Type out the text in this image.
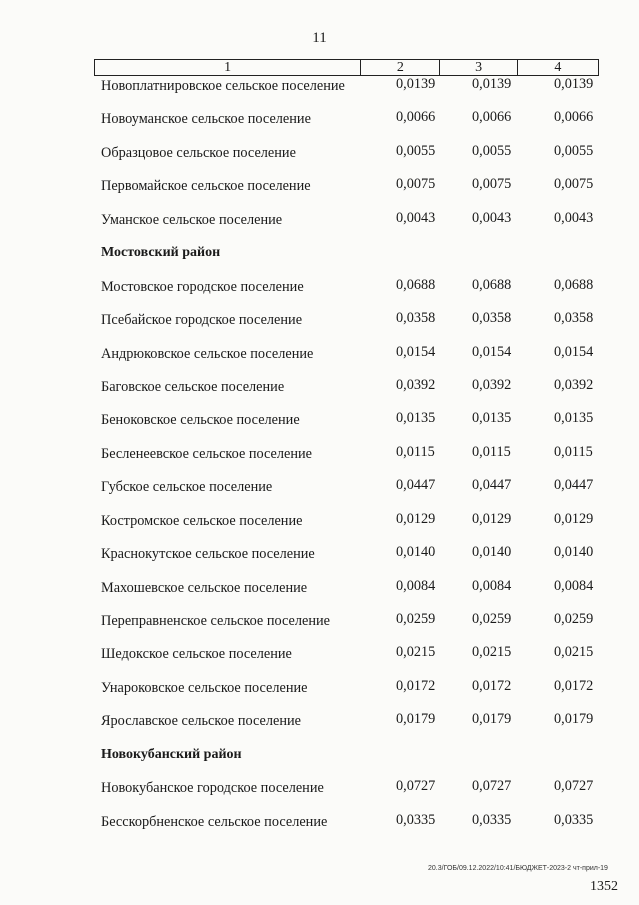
11
1	2	3	4
Новоплатнировское сельское поселение	0,0139	0,0139	0,0139
Новоуманское сельское поселение	0,0066	0,0066	0,0066
Образцовое сельское поселение	0,0055	0,0055	0,0055
Первомайское сельское поселение	0,0075	0,0075	0,0075
Уманское сельское поселение	0,0043	0,0043	0,0043
Мостовский район
Мостовское городское поселение	0,0688	0,0688	0,0688
Псебайское городское поселение	0,0358	0,0358	0,0358
Андрюковское сельское поселение	0,0154	0,0154	0,0154
Баговское сельское поселение	0,0392	0,0392	0,0392
Беноковское сельское поселение	0,0135	0,0135	0,0135
Бесленеевское сельское поселение	0,0115	0,0115	0,0115
Губское сельское поселение	0,0447	0,0447	0,0447
Костромское сельское поселение	0,0129	0,0129	0,0129
Краснокутское сельское поселение	0,0140	0,0140	0,0140
Махошевское сельское поселение	0,0084	0,0084	0,0084
Переправненское сельское поселение	0,0259	0,0259	0,0259
Шедокское сельское поселение	0,0215	0,0215	0,0215
Унароковское сельское поселение	0,0172	0,0172	0,0172
Ярославское сельское поселение	0,0179	0,0179	0,0179
Новокубанский район
Новокубанское городское поселение	0,0727	0,0727	0,0727
Бесскорбненское сельское поселение	0,0335	0,0335	0,0335
20.3/ГОБ/09.12.2022/10:41/БЮДЖЕТ-2023-2 чт-прил-19
1352
